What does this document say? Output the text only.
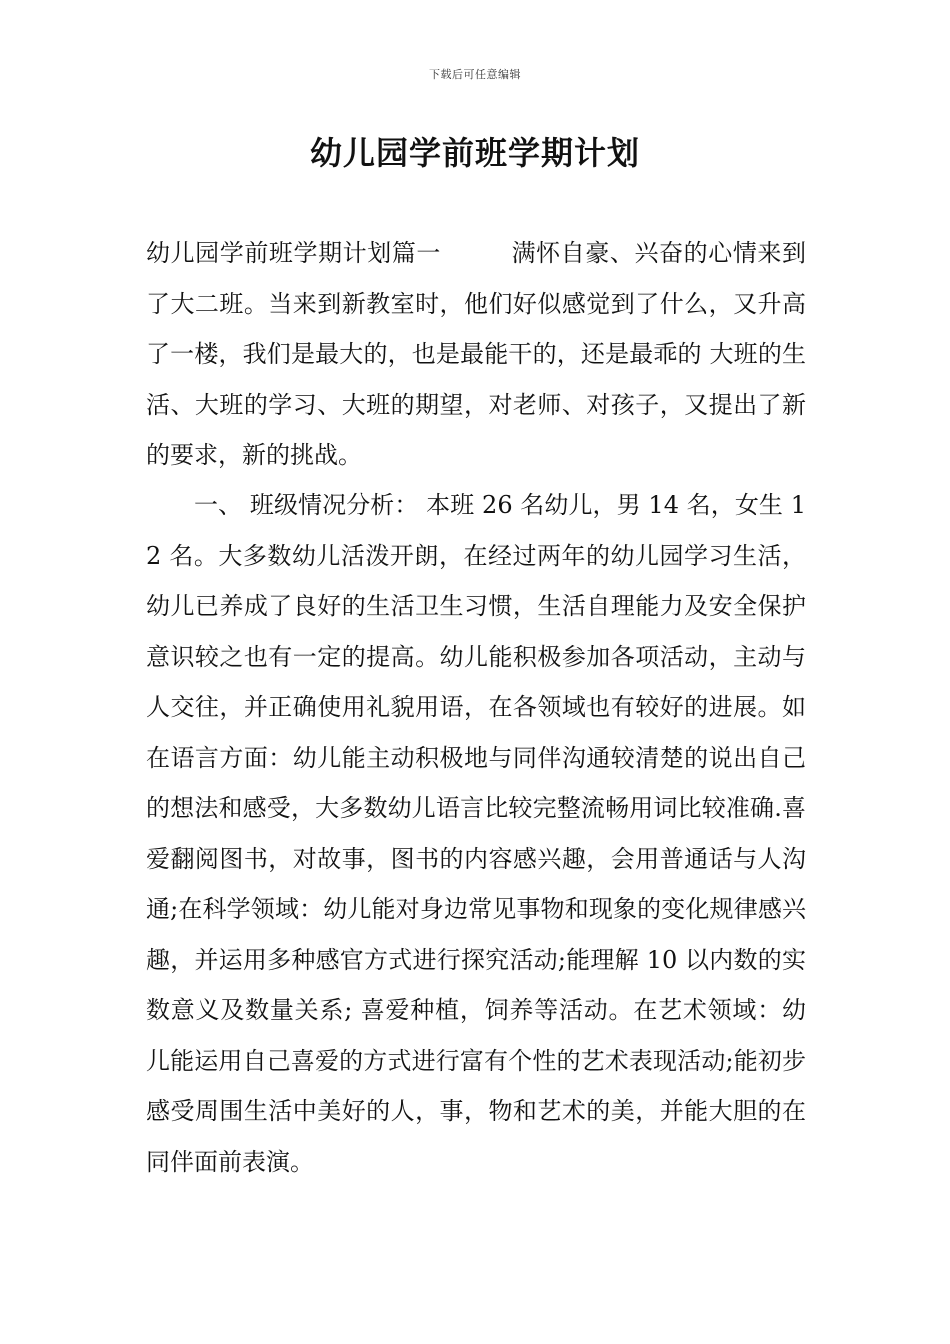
下载后可任意编辑
幼儿园学前班学期计划

幼儿园学前班学期计划篇一	满怀自豪、兴奋的心情来到了大二班。当来到新教室时，他们好似感觉到了什么，又升高了一楼，我们是最大的，也是最能干的，还是最乖的 大班的生活、大班的学习、大班的期望，对老师、对孩子，又提出了新的要求，新的挑战。

一、 班级情况分析： 本班 26 名幼儿，男 14 名，女生 12 名。大多数幼儿活泼开朗，在经过两年的幼儿园学习生活，幼儿已养成了良好的生活卫生习惯，生活自理能力及安全保护意识较之也有一定的提高。幼儿能积极参加各项活动，主动与人交往，并正确使用礼貌用语，在各领域也有较好的进展。如在语言方面：幼儿能主动积极地与同伴沟通较清楚的说出自己的想法和感受，大多数幼儿语言比较完整流畅用词比较准确.喜爱翻阅图书，对故事，图书的内容感兴趣，会用普通话与人沟通;在科学领域：幼儿能对身边常见事物和现象的变化规律感兴趣，并运用多种感官方式进行探究活动;能理解 10 以内数的实数意义及数量关系; 喜爱种植，饲养等活动。在艺术领域：幼儿能运用自己喜爱的方式进行富有个性的艺术表现活动;能初步感受周围生活中美好的人，事，物和艺术的美，并能大胆的在同伴面前表演。
